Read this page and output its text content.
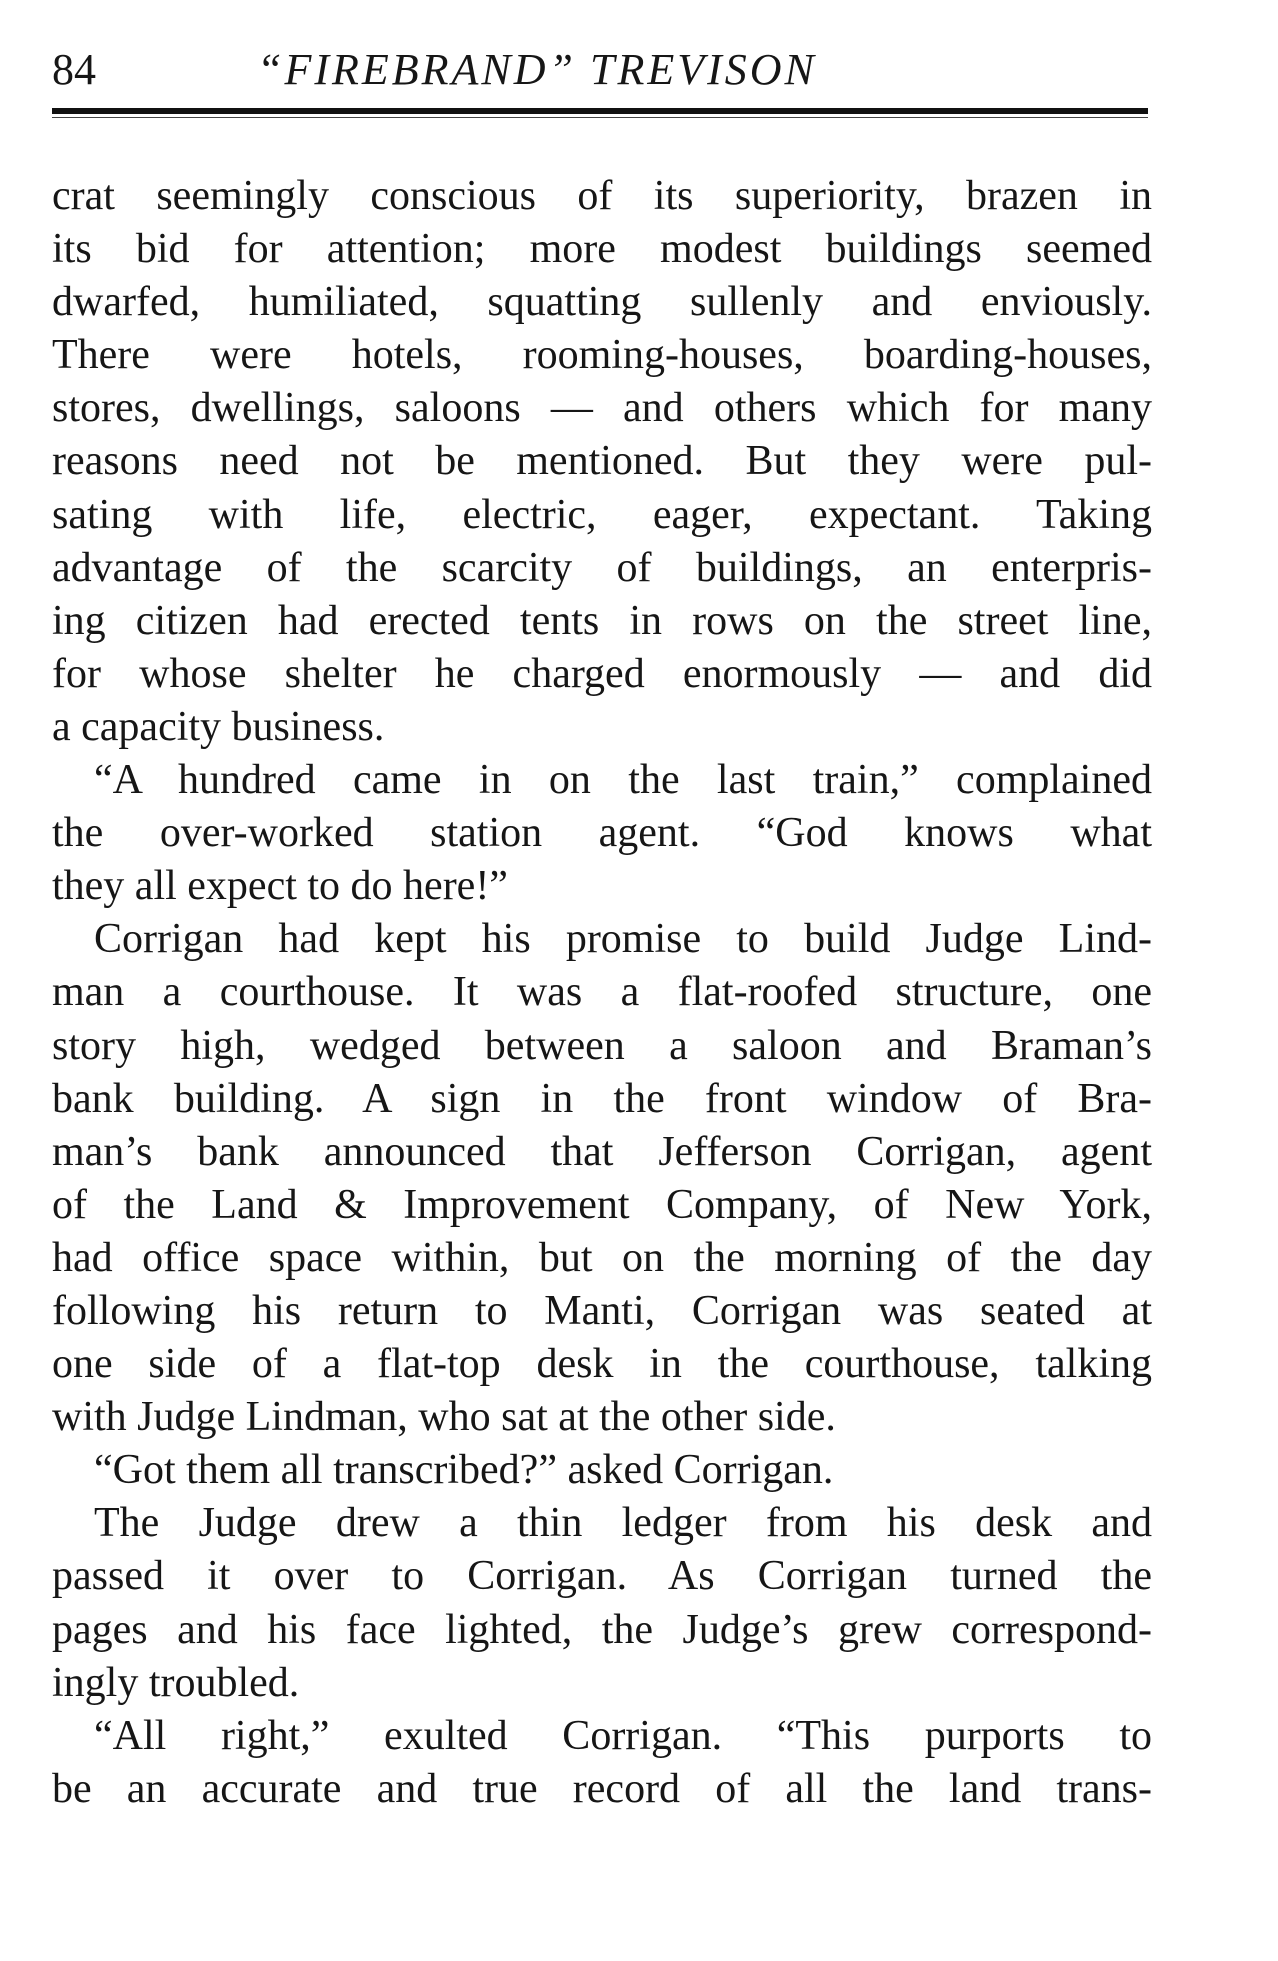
84	“FIREBRAND” TREVISON
crat seemingly conscious of its superiority, brazen in
its bid for attention; more modest buildings seemed
dwarfed, humiliated, squatting sullenly and enviously.
There were hotels, rooming-houses, boarding-houses,
stores, dwellings, saloons — and others which for many
reasons need not be mentioned. But they were pul-
sating with life, electric, eager, expectant. Taking
advantage of the scarcity of buildings, an enterpris-
ing citizen had erected tents in rows on the street line,
for whose shelter he charged enormously — and did
a capacity business.
“A hundred came in on the last train,” complained
the over-worked station agent. “God knows what
they all expect to do here!”
Corrigan had kept his promise to build Judge Lind-
man a courthouse. It was a flat-roofed structure, one
story high, wedged between a saloon and Braman’s
bank building. A sign in the front window of Bra-
man’s bank announced that Jefferson Corrigan, agent
of the Land & Improvement Company, of New York,
had office space within, but on the morning of the day
following his return to Manti, Corrigan was seated at
one side of a flat-top desk in the courthouse, talking
with Judge Lindman, who sat at the other side.
“Got them all transcribed?” asked Corrigan.
The Judge drew a thin ledger from his desk and
passed it over to Corrigan. As Corrigan turned the
pages and his face lighted, the Judge’s grew correspond-
ingly troubled.
“All right,” exulted Corrigan. “This purports to
be an accurate and true record of all the land trans-
